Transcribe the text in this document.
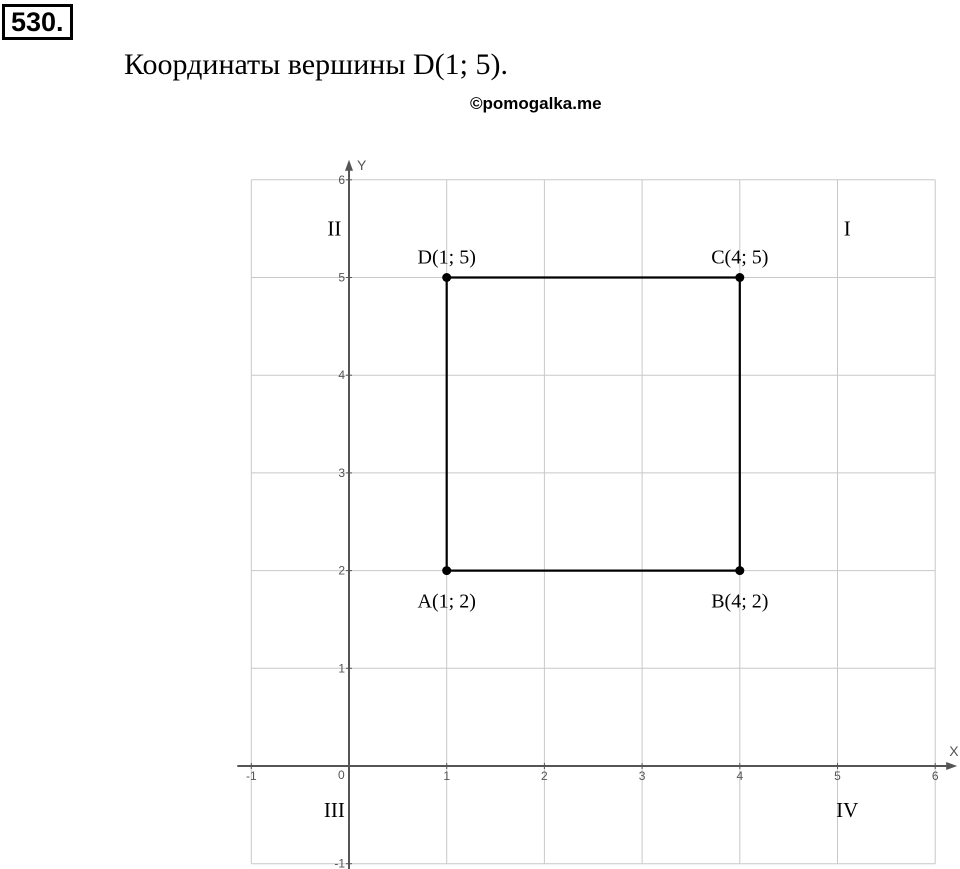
530.
Координаты вершины D(1; 5).
©pomogalka.me
X
Y
0
-1	1	2	3	4	5	6
-1
1
2
3
4
5
6
I
II
III	IV
A(1; 2)	B(4; 2)
C(4; 5)
D(1; 5)
